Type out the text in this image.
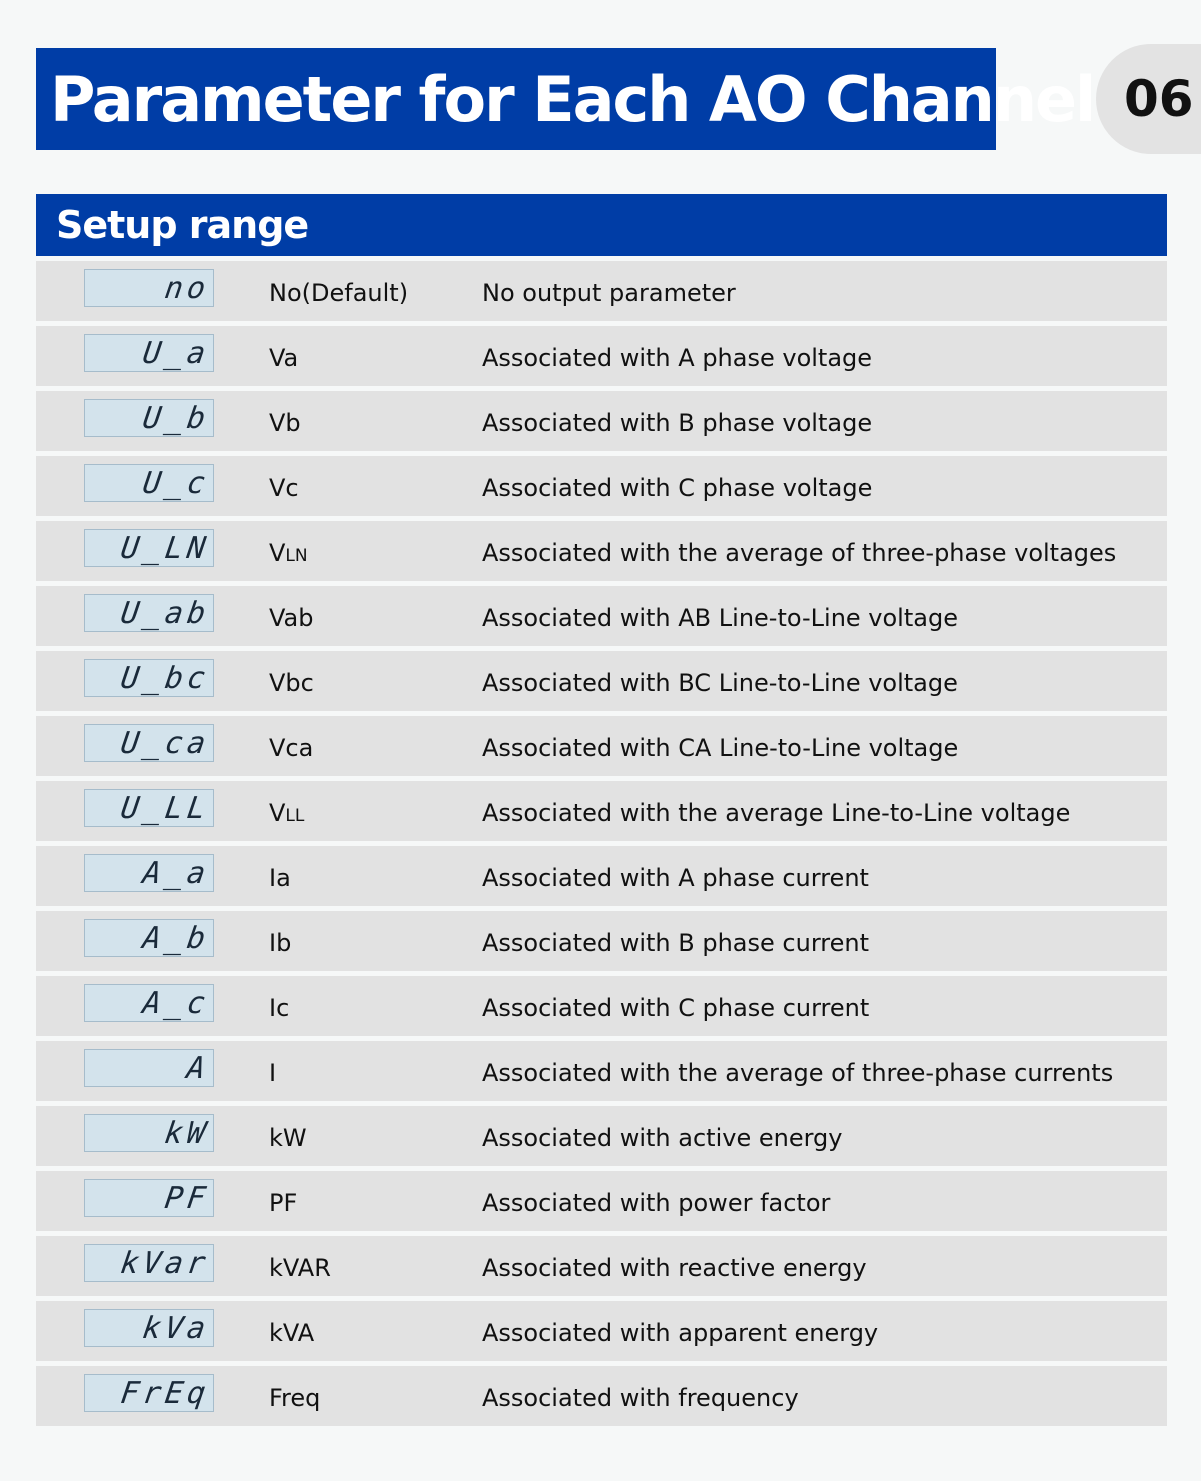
Parameter for Each AO Channel 06
Setup range
no No(Default)	No output parameter
U_a Va	Associated with A phase voltage
U_b Vb	Associated with B phase voltage
U_c Vc	Associated with C phase voltage
U_LN VLN	Associated with the average of three-phase voltages
U_ab Vab	Associated with AB Line-to-Line voltage
U_bc Vbc	Associated with BC Line-to-Line voltage
U_ca Vca	Associated with CA Line-to-Line voltage
U_LL VLL	Associated with the average Line-to-Line voltage
A_a Ia	Associated with A phase current
A_b Ib	Associated with B phase current
A_c Ic	Associated with C phase current
A I	Associated with the average of three-phase currents
kW kW	Associated with active energy
PF PF	Associated with power factor
kVar kVAR	Associated with reactive energy
kVa kVA	Associated with apparent energy
FrEq Freq	Associated with frequency
